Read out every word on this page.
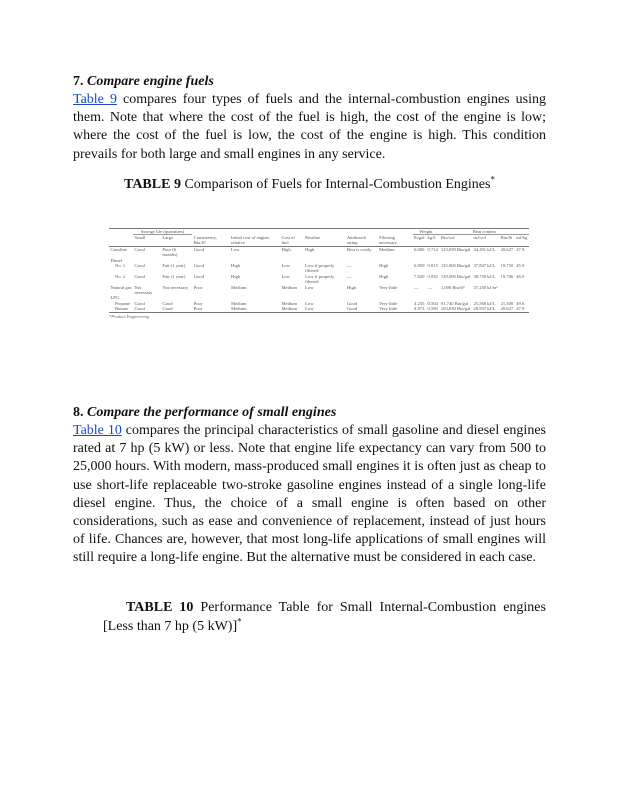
7. Compare engine fuels

Table 9 compares four types of fuels and the internal-combustion engines using them. Note that where the cost of the fuel is high, the cost of the engine is low; where the cost of the fuel is low, the cost of the engine is high. This condition prevails for both large and small engines in any service.

TABLE 9 Comparison of Fuels for Internal-Combustion Engines*

	Storage life (quantities)								Weight		Heat content			
	Small	Large	Consistency, Btu/ft³	Initial cost of engine, relative	Cost of fuel	Residue	Antiknock rating	Filtering necessary	lb/gal	kg/L	Btu/vol	mJ/vol	Btu/lb	mJ/kg
Gasoline	Good	Poor (6 months)	Good	Low	High	High	Best is costly	Medium	6.000	0.714	123,039 Btu/gal	34,291 kJ/L	20,627	47.9
Diesel														
No. 1	Good	Fair (1 year)	Good	High	Low	Low if properly filtered	—	High	6.850	0.815	135,800 Btu/gal	37,847 kJ/L	19,750	45.9
No. 2	Good	Fair (1 year)	Good	High	Low	Low if properly filtered	—	High	7.020	0.835	139,000 Btu/gal	38,739 kJ/L	19,786	46.0
Natural gas	Not necessary	Not necessary	Poor	Medium	Medium	Low	High	Very little	—	—	1,000 Btu/ft³	37,250 kJ/m³		
LPG														
Propane	Good	Good	Poor	Medium	Medium	Low	Good	Very little	4.235	0.504	91,740 Btu/gal	25,568 kJ/L	21,308	49.6
Butane	Good	Good	Poor	Medium	Medium	Low	Good	Very little	4.873	0.580	103,830 Btu/gal	28,937 kJ/L	20,627	47.9
*Product Engineering.

8. Compare the performance of small engines

Table 10 compares the principal characteristics of small gasoline and diesel engines rated at 7 hp (5 kW) or less. Note that engine life expectancy can vary from 500 to 25,000 hours. With modern, mass-produced small engines it is often just as cheap to use short-life replaceable two-stroke gasoline engines instead of a single long-life diesel engine. Thus, the choice of a small engine is often based on other considerations, such as ease and convenience of replacement, instead of just hours of life. Chances are, however, that most long-life applications of small engines will still require a long-life engine. But the alternative must be considered in each case.

TABLE 10 Performance Table for Small Internal-Combustion engines [Less than 7 hp (5 kW)]*
